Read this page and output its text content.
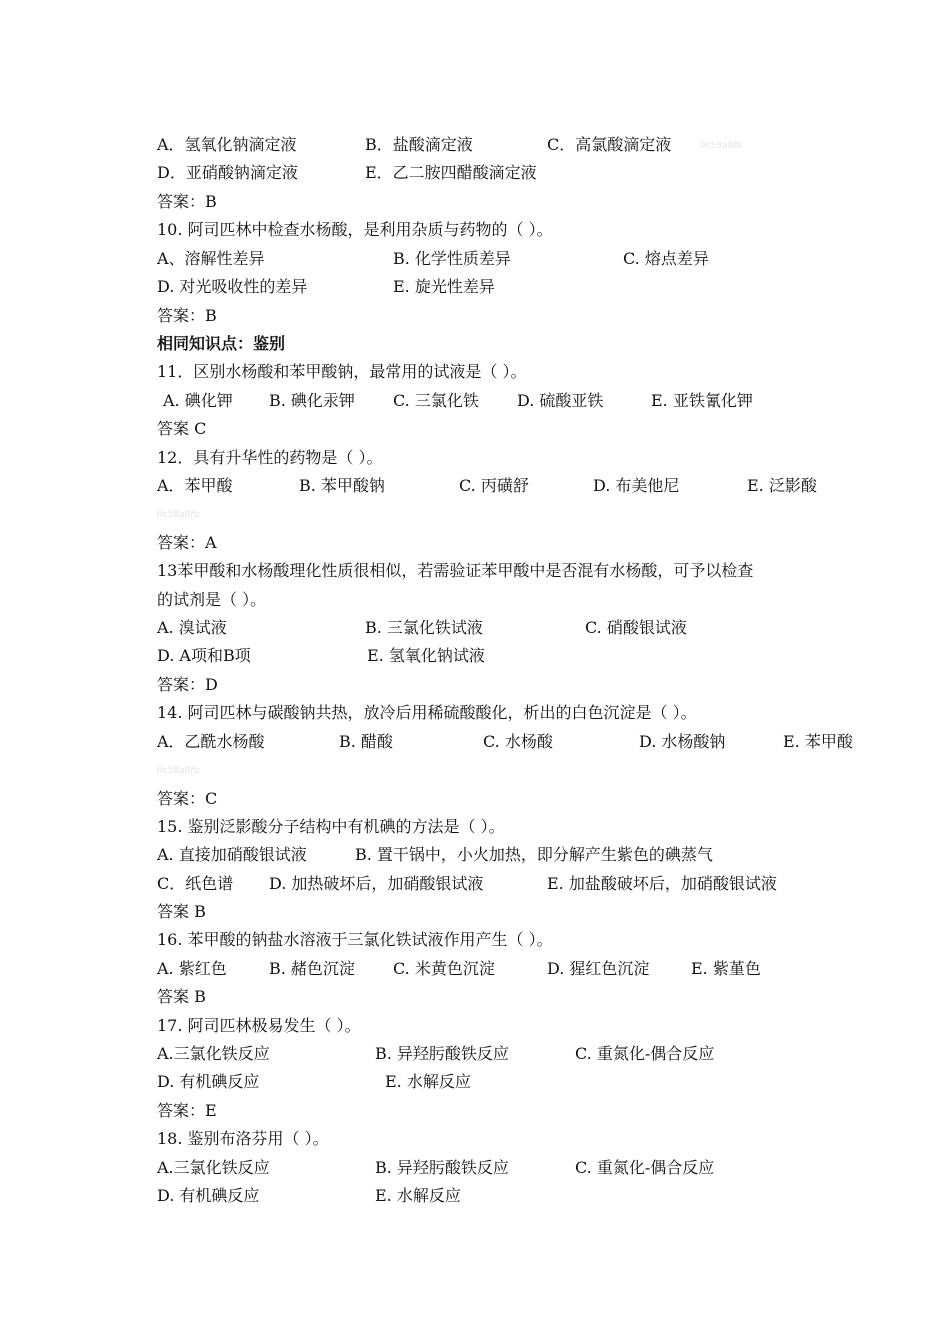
0c58a8fb
0c58a8fb
0c58a8fb
A．氢氧化钠滴定液	B．盐酸滴定液	C．高氯酸滴定液
D．亚硝酸钠滴定液	E．乙二胺四醋酸滴定液
答案：B
10. 阿司匹林中检查水杨酸，是利用杂质与药物的（ ）。
A、溶解性差异	B. 化学性质差异	C. 熔点差异
D. 对光吸收性的差异	E. 旋光性差异
答案：B
相同知识点：鉴别
11．区别水杨酸和苯甲酸钠，最常用的试液是（ ）。
A. 碘化钾 B. 碘化汞钾 C. 三氯化铁 D. 硫酸亚铁	E. 亚铁氰化钾
答案 C
12．具有升华性的药物是（ ）。
A．苯甲酸	B. 苯甲酸钠	C. 丙磺舒	D. 布美他尼	E. 泛影酸
答案：A
13苯甲酸和水杨酸理化性质很相似，若需验证苯甲酸中是否混有水杨酸，可予以检查
的试剂是（ ）。
A. 溴试液	B. 三氯化铁试液	C. 硝酸银试液
D. A项和B项	E. 氢氧化钠试液
答案：D
14. 阿司匹林与碳酸钠共热，放冷后用稀硫酸酸化，析出的白色沉淀是（ ）。
A．乙酰水杨酸	B. 醋酸	C. 水杨酸	D. 水杨酸钠	E. 苯甲酸
答案：C
15. 鉴别泛影酸分子结构中有机碘的方法是（ ）。
A. 直接加硝酸银试液	B. 置干锅中，小火加热，即分解产生紫色的碘蒸气
C．纸色谱 D. 加热破坏后，加硝酸银试液	E. 加盐酸破坏后，加硝酸银试液
答案 B
16. 苯甲酸的钠盐水溶液于三氯化铁试液作用产生（ ）。
A. 紫红色	B. 赭色沉淀 C. 米黄色沉淀	D. 猩红色沉淀	E. 紫堇色
答案 B
17. 阿司匹林极易发生（ ）。
A.三氯化铁反应	B. 异羟肟酸铁反应	C. 重氮化-偶合反应
D. 有机碘反应	E. 水解反应
答案：E
18. 鉴别布洛芬用（ ）。
A.三氯化铁反应	B. 异羟肟酸铁反应	C. 重氮化-偶合反应
D. 有机碘反应	E. 水解反应
